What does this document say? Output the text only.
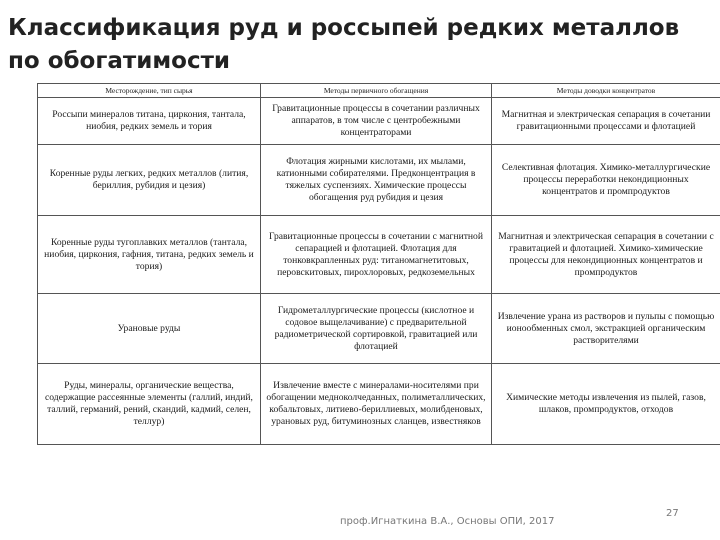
Классификация руд и россыпей редких металлов по обогатимости
Месторождение, тип сырья	Методы первичного обогащения	Методы доводки концентратов
Россыпи минералов титана, циркония, тантала, ниобия, редких земель и тория	Гравитационные процессы в сочетании различных аппаратов, в том числе с центробежными концентраторами	Магнитная и электрическая сепарация в сочетании гравитационными процессами и флотацией
Коренные руды легких, редких металлов (лития, бериллия, рубидия и цезия)	Флотация жирными кислотами, их мылами, катионными собирателями. Предконцентрация в тяжелых суспензиях. Химические процессы обогащения руд рубидия и цезия	Селективная флотация. Химико-металлургические процессы переработки некондиционных концентратов и промпродуктов
Коренные руды тугоплавких металлов (тантала, ниобия, циркония, гафния, титана, редких земель и тория)	Гравитационные процессы в сочетании с магнитной сепарацией и флотацией. Флотация для тонковкрапленных руд: титаномагнетитовых, перовскитовых, пирохлоровых, редкоземельных	Магнитная и электрическая сепарация в сочетании с гравитацией и флотацией. Химико-химические процессы для некондиционных концентратов и промпродуктов
Урановые руды	Гидрометаллургические процессы (кислотное и содовое выщелачивание) с предварительной радиометрической сортировкой, гравитацией или флотацией	Извлечение урана из растворов и пульпы с помощью ионообменных смол, экстракцией органическим растворителями
Руды, минералы, органические вещества, содержащие рассеянные элементы (галлий, индий, таллий, германий, рений, скандий, кадмий, селен, теллур)	Извлечение вместе с минералами-носителями при обогащении медноколчеданных, полиметаллических, кобальтовых, литиево-бериллиевых, молибденовых, урановых руд, битуминозных сланцев, известняков	Химические методы извлечения из пылей, газов, шлаков, промпродуктов, отходов
проф.Игнаткина В.А., Основы ОПИ, 2017
27
